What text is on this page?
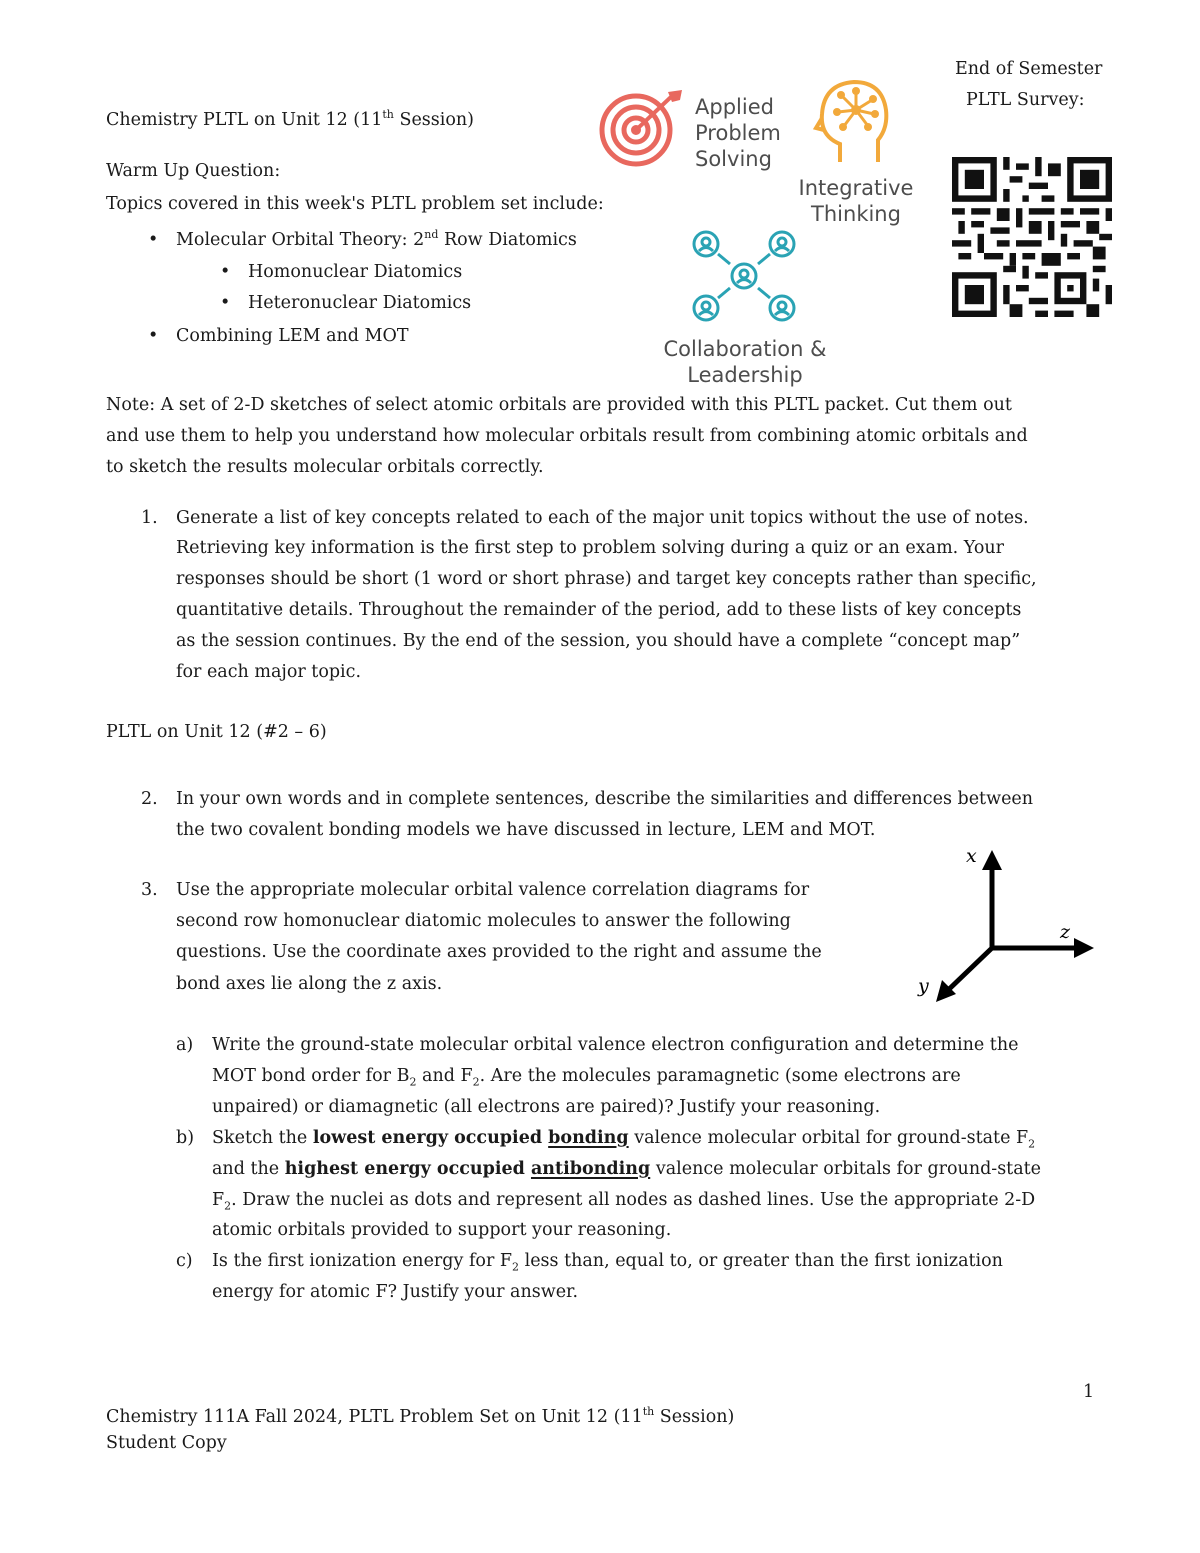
Chemistry PLTL on Unit 12 (11th Session)
End of Semester
PLTL Survey:
Applied
Problem
Solving
Integrative
Thinking
Collaboration &
Leadership
Warm Up Question:
Topics covered in this week's PLTL problem set include:
• Molecular Orbital Theory: 2nd Row Diatomics
• Homonuclear Diatomics
• Heteronuclear Diatomics
• Combining LEM and MOT
Note: A set of 2-D sketches of select atomic orbitals are provided with this PLTL packet. Cut them out
and use them to help you understand how molecular orbitals result from combining atomic orbitals and
to sketch the results molecular orbitals correctly.
1. Generate a list of key concepts related to each of the major unit topics without the use of notes.
Retrieving key information is the first step to problem solving during a quiz or an exam. Your
responses should be short (1 word or short phrase) and target key concepts rather than specific,
quantitative details. Throughout the remainder of the period, add to these lists of key concepts
as the session continues. By the end of the session, you should have a complete “concept map”
for each major topic.
PLTL on Unit 12 (#2 – 6)
2. In your own words and in complete sentences, describe the similarities and differences between
the two covalent bonding models we have discussed in lecture, LEM and MOT.
3. Use the appropriate molecular orbital valence correlation diagrams for
second row homonuclear diatomic molecules to answer the following
questions. Use the coordinate axes provided to the right and assume the
bond axes lie along the z axis.
x
z
y
a) Write the ground-state molecular orbital valence electron configuration and determine the
MOT bond order for $B_2$ and $F_2$. Are the molecules paramagnetic (some electrons are
unpaired) or diamagnetic (all electrons are paired)? Justify your reasoning.
b) Sketch the lowest energy occupied bonding valence molecular orbital for ground-state $F_2$
and the highest energy occupied antibonding valence molecular orbitals for ground-state
$F_2$. Draw the nuclei as dots and represent all nodes as dashed lines. Use the appropriate 2-D
atomic orbitals provided to support your reasoning.
c) Is the first ionization energy for $F_2$ less than, equal to, or greater than the first ionization
energy for atomic F? Justify your answer.
1
Chemistry 111A Fall 2024, PLTL Problem Set on Unit 12 (11th Session)
Student Copy
